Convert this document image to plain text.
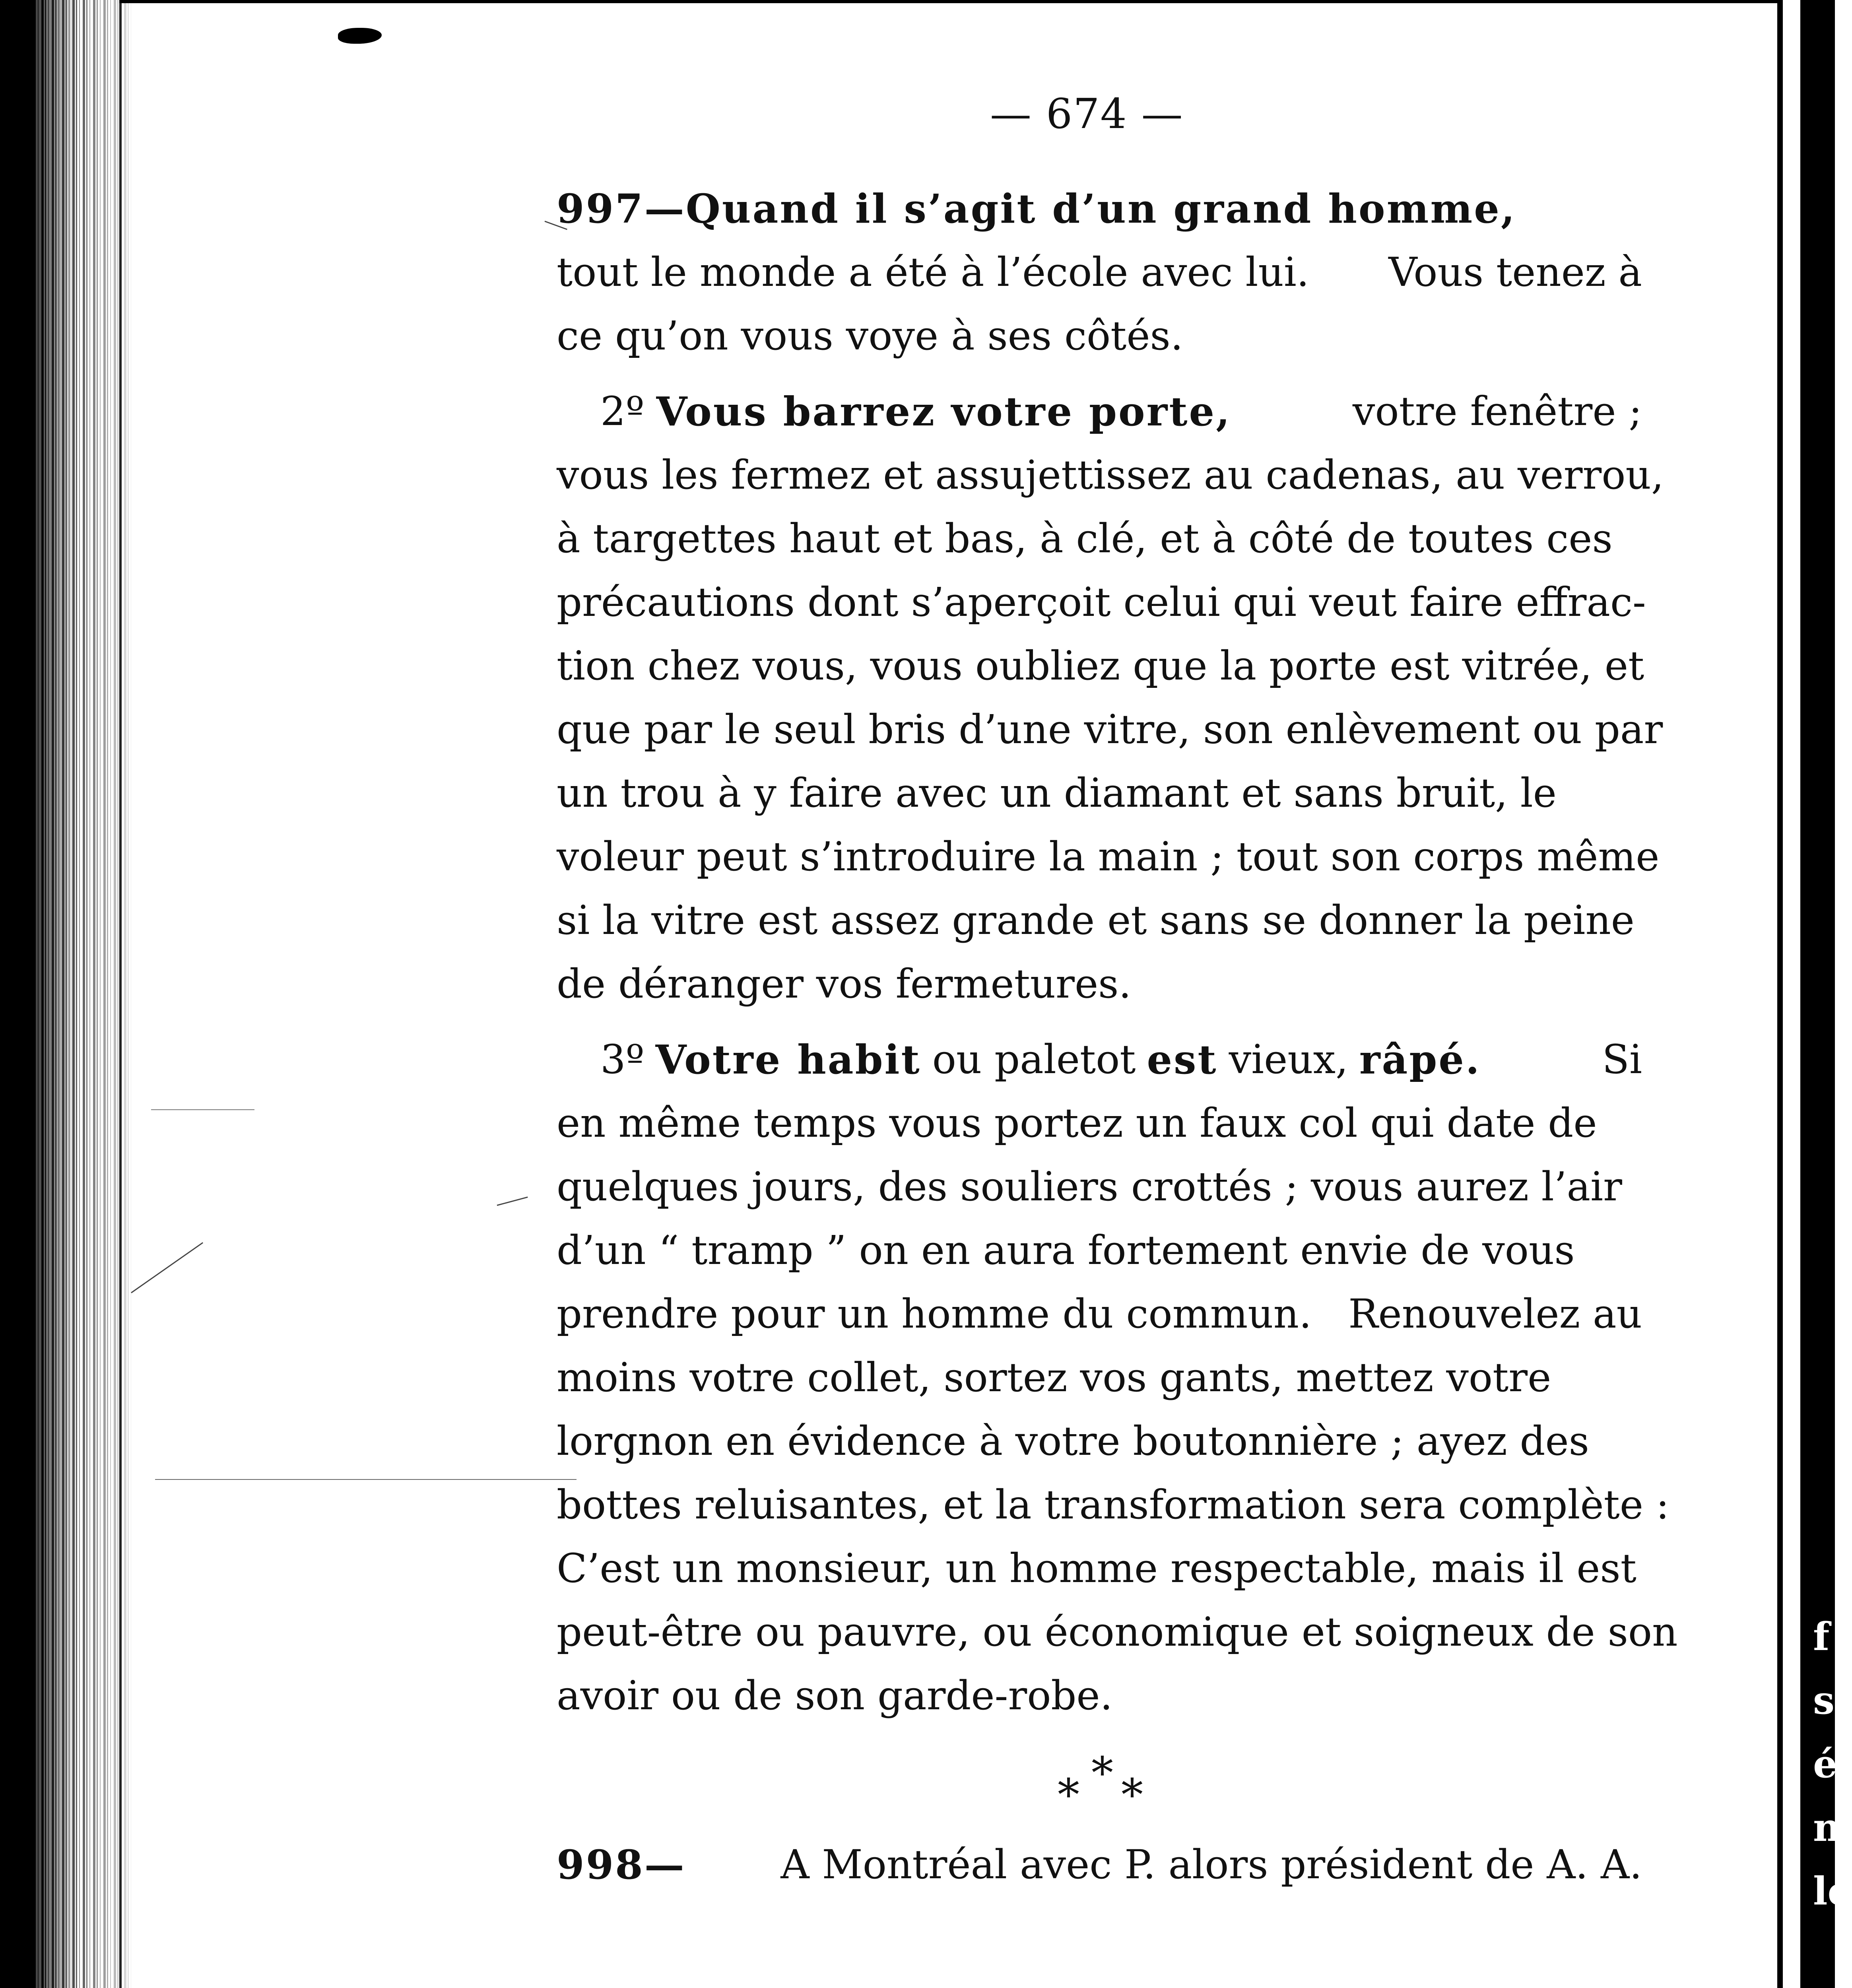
f
s
é
n
le
— 674 —
997— Quand il s’agit d’un grand homme,
tout le monde a été à l’école avec lui. Vous tenez à
ce qu’on vous voye à ses côtés.
2º Vous barrez votre porte,	votre fenêtre ;
vous les fermez et assujettissez au cadenas, au verrou,
à targettes haut et bas, à clé, et à côté de toutes ces
précautions dont s’aperçoit celui qui veut faire effrac-
tion chez vous, vous oubliez que la porte est vitrée, et
que par le seul bris d’une vitre, son enlèvement ou par
un trou à y faire avec un diamant et sans bruit, le
voleur peut s’introduire la main ; tout son corps même
si la vitre est assez grande et sans se donner la peine
de déranger vos fermetures.
3º Votre habit ou paletot est vieux, râpé.	Si
en même temps vous portez un faux col qui date de
quelques jours, des souliers crottés ; vous aurez l’air
d’un “ tramp ” on en aura fortement envie de vous
prendre pour un homme du commun. Renouvelez au
moins votre collet, sortez vos gants, mettez votre
lorgnon en évidence à votre boutonnière ; ayez des
bottes reluisantes, et la transformation sera complète :
C’est un monsieur, un homme respectable, mais il est
peut-être ou pauvre, ou économique et soigneux de son
avoir ou de son garde-robe.
*
* *
998— A Montréal avec P. alors président de A. A.
